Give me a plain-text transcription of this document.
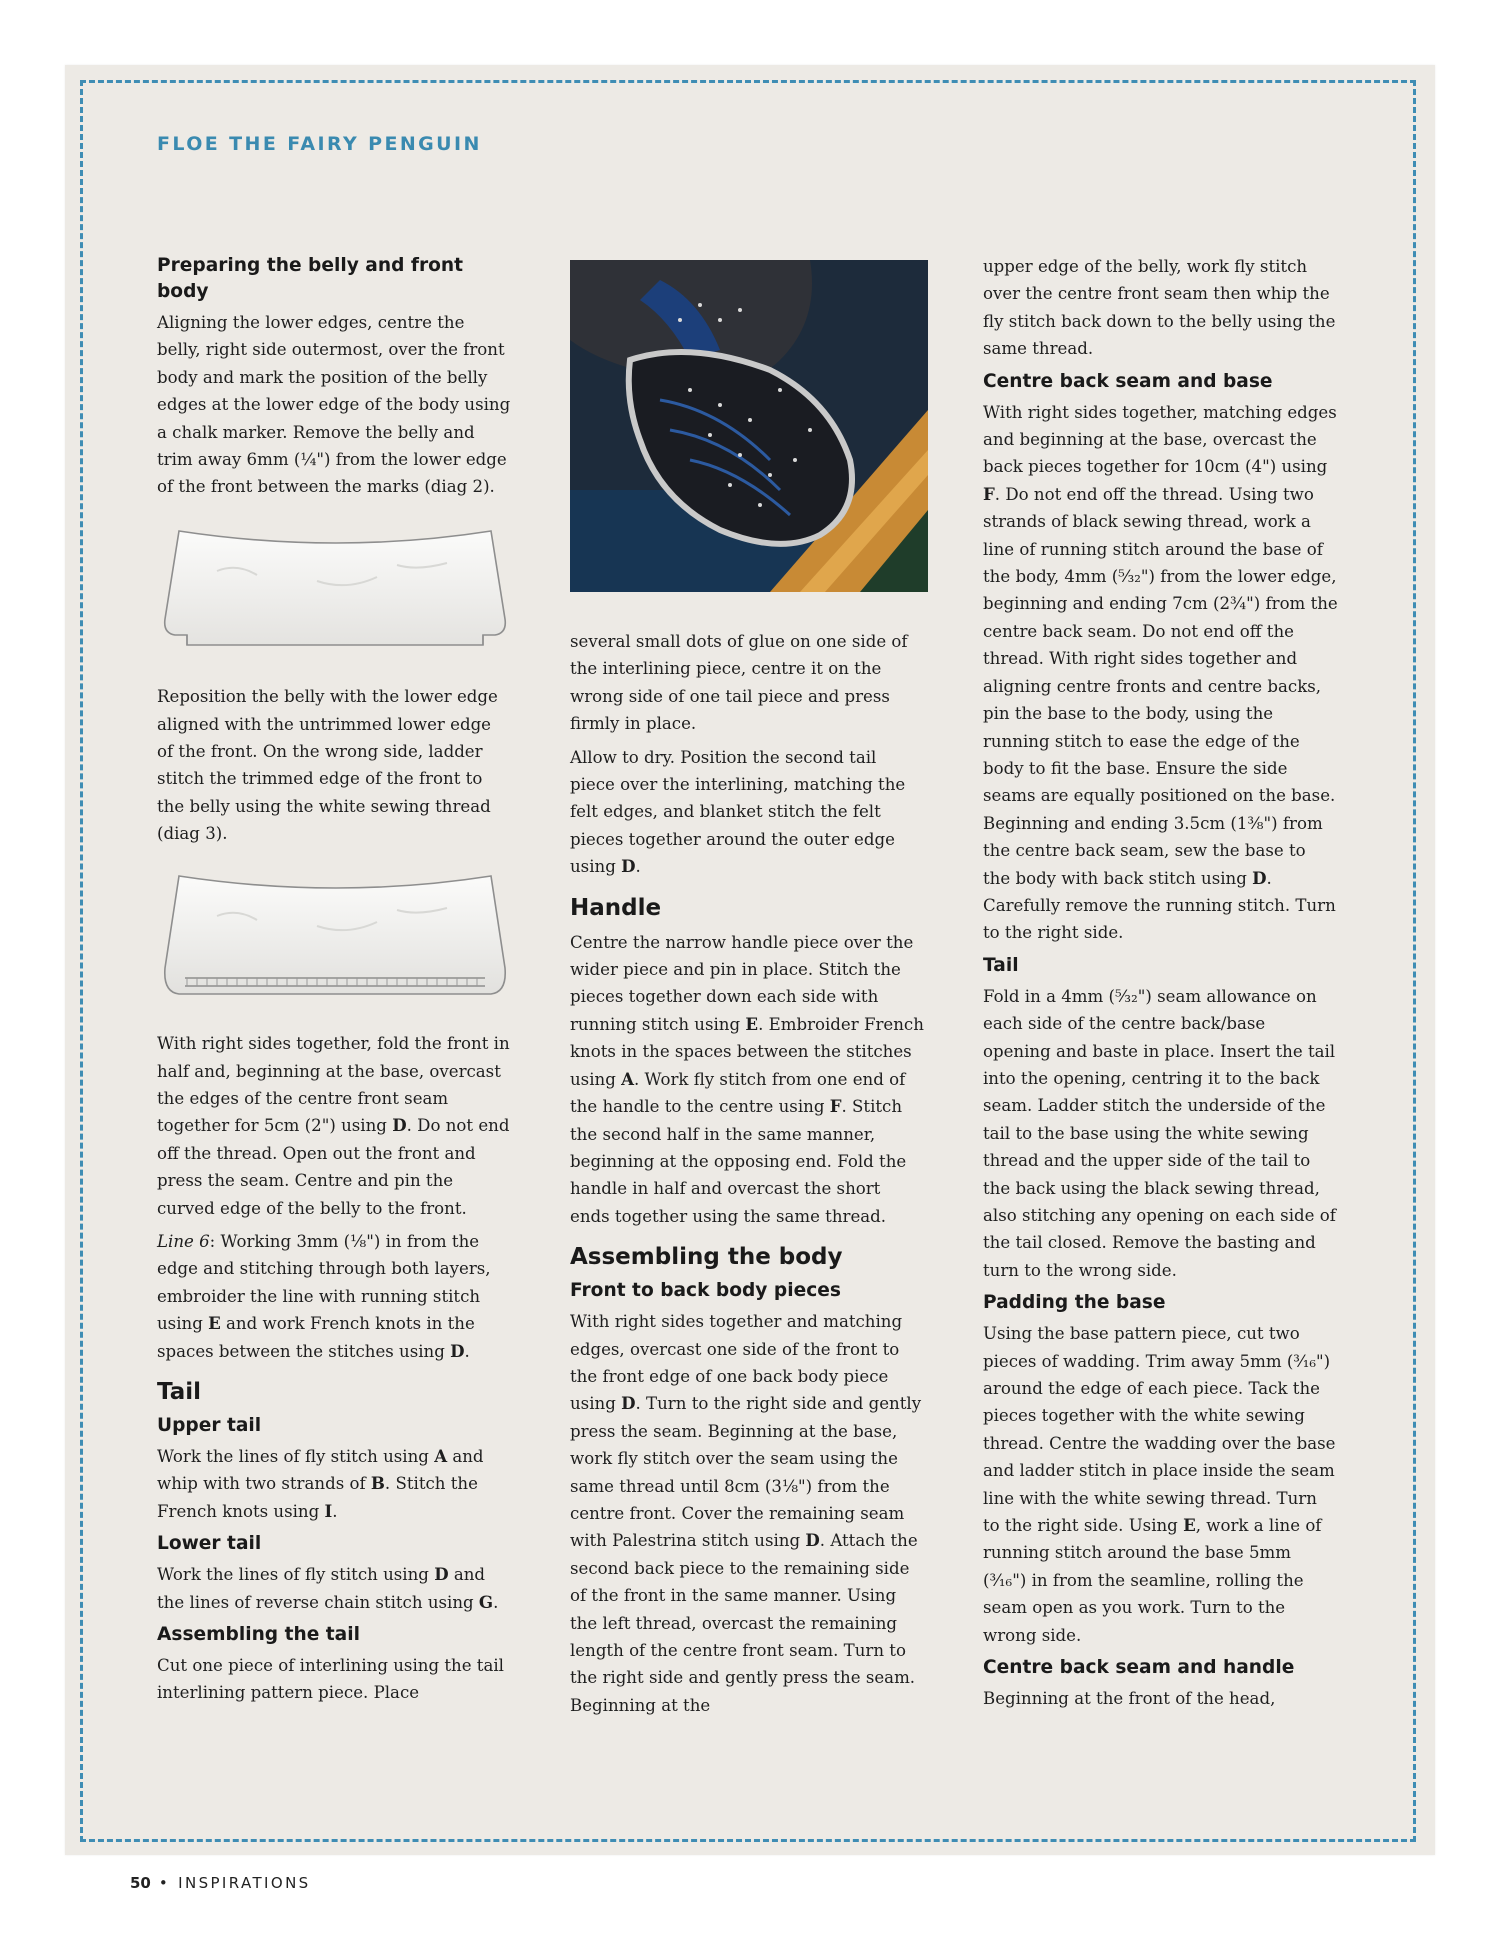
FLOE THE FAIRY PENGUIN
Preparing the belly and front body

Aligning the lower edges, centre the belly, right side outermost, over the front body and mark the position of the belly edges at the lower edge of the body using a chalk marker. Remove the belly and trim away 6mm (¼") from the lower edge of the front between the marks (diag 2).

Reposition the belly with the lower edge aligned with the untrimmed lower edge of the front. On the wrong side, ladder stitch the trimmed edge of the front to the belly using the white sewing thread (diag 3).

With right sides together, fold the front in half and, beginning at the base, overcast the edges of the centre front seam together for 5cm (2") using D. Do not end off the thread. Open out the front and press the seam. Centre and pin the curved edge of the belly to the front.

Line 6: Working 3mm (⅛") in from the edge and stitching through both layers, embroider the line with running stitch using E and work French knots in the spaces between the stitches using D.

Tail
Upper tail

Work the lines of fly stitch using A and whip with two strands of B. Stitch the French knots using I.

Lower tail

Work the lines of fly stitch using D and the lines of reverse chain stitch using G.

Assembling the tail

Cut one piece of interlining using the tail interlining pattern piece. Place

several small dots of glue on one side of the interlining piece, centre it on the wrong side of one tail piece and press firmly in place.

Allow to dry. Position the second tail piece over the interlining, matching the felt edges, and blanket stitch the felt pieces together around the outer edge using D.

Handle

Centre the narrow handle piece over the wider piece and pin in place. Stitch the pieces together down each side with running stitch using E. Embroider French knots in the spaces between the stitches using A. Work fly stitch from one end of the handle to the centre using F. Stitch the second half in the same manner, beginning at the opposing end. Fold the handle in half and overcast the short ends together using the same thread.

Assembling the body
Front to back body pieces

With right sides together and matching edges, overcast one side of the front to the front edge of one back body piece using D. Turn to the right side and gently press the seam. Beginning at the base, work fly stitch over the seam using the same thread until 8cm (3⅛") from the centre front. Cover the remaining seam with Palestrina stitch using D. Attach the second back piece to the remaining side of the front in the same manner. Using the left thread, overcast the remaining length of the centre front seam. Turn to the right side and gently press the seam. Beginning at the

upper edge of the belly, work fly stitch over the centre front seam then whip the fly stitch back down to the belly using the same thread.

Centre back seam and base

With right sides together, matching edges and beginning at the base, overcast the back pieces together for 10cm (4") using F. Do not end off the thread. Using two strands of black sewing thread, work a line of running stitch around the base of the body, 4mm (⁵⁄₃₂") from the lower edge, beginning and ending 7cm (2¾") from the centre back seam. Do not end off the thread. With right sides together and aligning centre fronts and centre backs, pin the base to the body, using the running stitch to ease the edge of the body to fit the base. Ensure the side seams are equally positioned on the base. Beginning and ending 3.5cm (1⅜") from the centre back seam, sew the base to the body with back stitch using D. Carefully remove the running stitch. Turn to the right side.

Tail

Fold in a 4mm (⁵⁄₃₂") seam allowance on each side of the centre back/base opening and baste in place. Insert the tail into the opening, centring it to the back seam. Ladder stitch the underside of the tail to the base using the white sewing thread and the upper side of the tail to the back using the black sewing thread, also stitching any opening on each side of the tail closed. Remove the basting and turn to the wrong side.

Padding the base

Using the base pattern piece, cut two pieces of wadding. Trim away 5mm (³⁄₁₆") around the edge of each piece. Tack the pieces together with the white sewing thread. Centre the wadding over the base and ladder stitch in place inside the seam line with the white sewing thread. Turn to the right side. Using E, work a line of running stitch around the base 5mm (³⁄₁₆") in from the seamline, rolling the seam open as you work. Turn to the wrong side.

Centre back seam and handle

Beginning at the front of the head,

50 • INSPIRATIONS
